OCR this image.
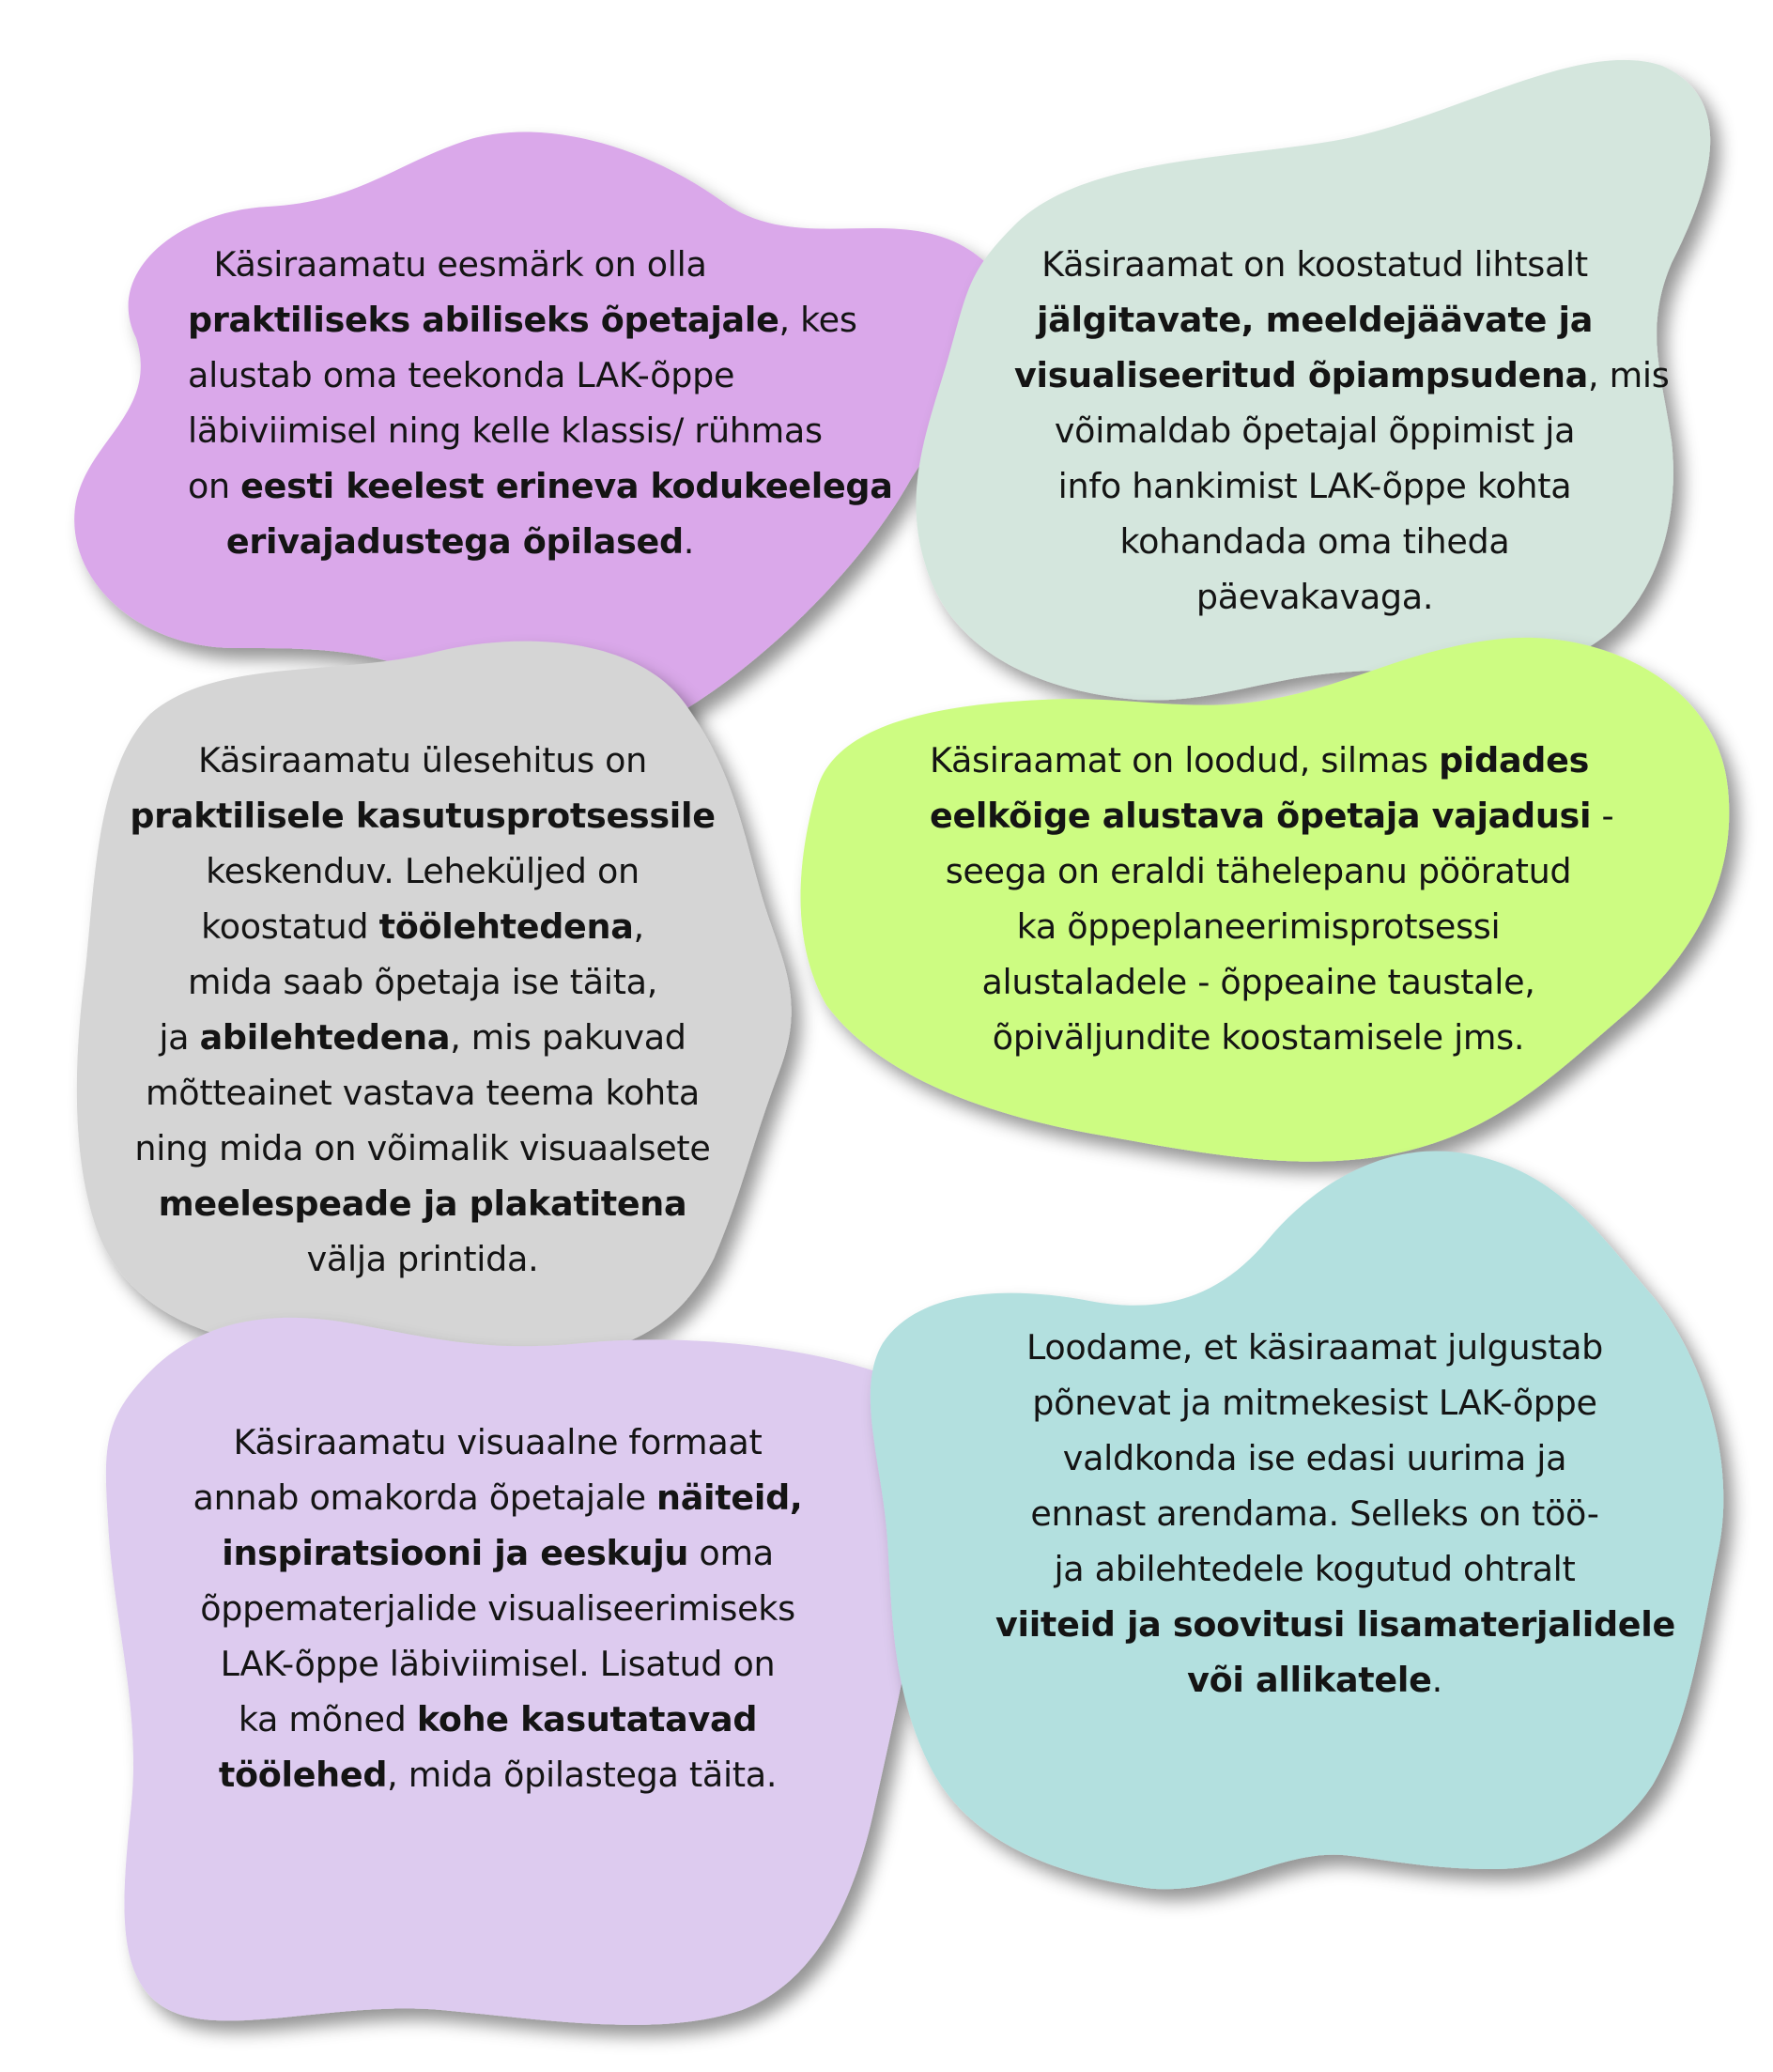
Käsiraamatu eesmärk on olla
praktiliseks abiliseks õpetajale, kes
alustab oma teekonda LAK-õppe
läbiviimisel ning kelle klassis/ rühmas
on eesti keelest erineva kodukeelega
erivajadustega õpilased.
Käsiraamat on koostatud lihtsalt
jälgitavate, meeldejäävate ja
visualiseeritud õpiampsudena, mis
võimaldab õpetajal õppimist ja
info hankimist LAK-õppe kohta
kohandada oma tiheda
päevakavaga.
Käsiraamatu ülesehitus on
praktilisele kasutusprotsessile
keskenduv. Leheküljed on
koostatud töölehtedena,
mida saab õpetaja ise täita,
ja abilehtedena, mis pakuvad
mõtteainet vastava teema kohta
ning mida on võimalik visuaalsete
meelespeade ja plakatitena
välja printida.
Käsiraamat on loodud, silmas pidades
eelkõige alustava õpetaja vajadusi -
seega on eraldi tähelepanu pööratud
ka õppeplaneerimisprotsessi
alustaladele - õppeaine taustale,
õpiväljundite koostamisele jms.
Käsiraamatu visuaalne formaat
annab omakorda õpetajale näiteid,
inspiratsiooni ja eeskuju oma
õppematerjalide visualiseerimiseks
LAK-õppe läbiviimisel. Lisatud on
ka mõned kohe kasutatavad
töölehed, mida õpilastega täita.
Loodame, et käsiraamat julgustab
põnevat ja mitmekesist LAK-õppe
valdkonda ise edasi uurima ja
ennast arendama. Selleks on töö-
ja abilehtedele kogutud ohtralt
viiteid ja soovitusi lisamaterjalidele
või allikatele.
